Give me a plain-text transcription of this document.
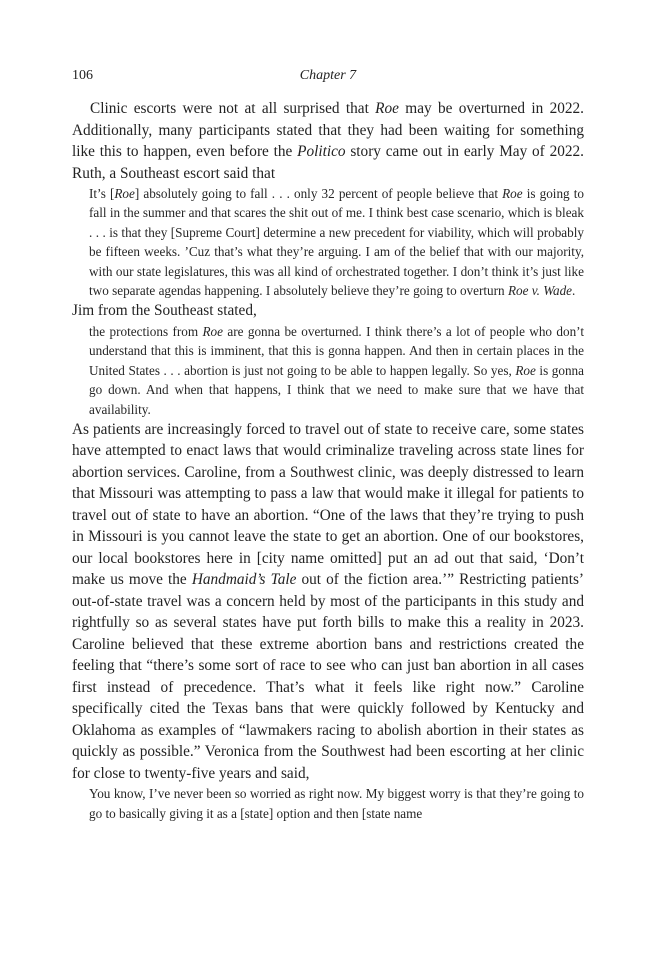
106	Chapter 7

Clinic escorts were not at all surprised that Roe may be overturned in 2022. Additionally, many participants stated that they had been waiting for something like this to happen, even before the Politico story came out in early May of 2022. Ruth, a Southeast escort said that

It’s [Roe] absolutely going to fall . . . only 32 percent of people believe that Roe is going to fall in the summer and that scares the shit out of me. I think best case scenario, which is bleak . . . is that they [Supreme Court] determine a new precedent for viability, which will probably be fifteen weeks. ’Cuz that’s what they’re arguing. I am of the belief that with our majority, with our state legislatures, this was all kind of orchestrated together. I don’t think it’s just like two separate agendas happening. I absolutely believe they’re going to overturn Roe v. Wade.

Jim from the Southeast stated,

the protections from Roe are gonna be overturned. I think there’s a lot of people who don’t understand that this is imminent, that this is gonna happen. And then in certain places in the United States . . . abortion is just not going to be able to happen legally. So yes, Roe is gonna go down. And when that happens, I think that we need to make sure that we have that availability.

As patients are increasingly forced to travel out of state to receive care, some states have attempted to enact laws that would criminalize traveling across state lines for abortion services. Caroline, from a Southwest clinic, was deeply distressed to learn that Missouri was attempting to pass a law that would make it illegal for patients to travel out of state to have an abortion. “One of the laws that they’re trying to push in Missouri is you cannot leave the state to get an abortion. One of our bookstores, our local bookstores here in [city name omitted] put an ad out that said, ‘Don’t make us move the Handmaid’s Tale out of the fiction area.’” Restricting patients’ out-of-state travel was a concern held by most of the participants in this study and rightfully so as several states have put forth bills to make this a reality in 2023. Caroline believed that these extreme abortion bans and restrictions created the feeling that “there’s some sort of race to see who can just ban abortion in all cases first instead of precedence. That’s what it feels like right now.” Caroline specifically cited the Texas bans that were quickly followed by Kentucky and Oklahoma as examples of “lawmakers racing to abolish abortion in their states as quickly as possible.” Veronica from the Southwest had been escorting at her clinic for close to twenty-five years and said,

You know, I’ve never been so worried as right now. My biggest worry is that they’re going to go to basically giving it as a [state] option and then [state name
